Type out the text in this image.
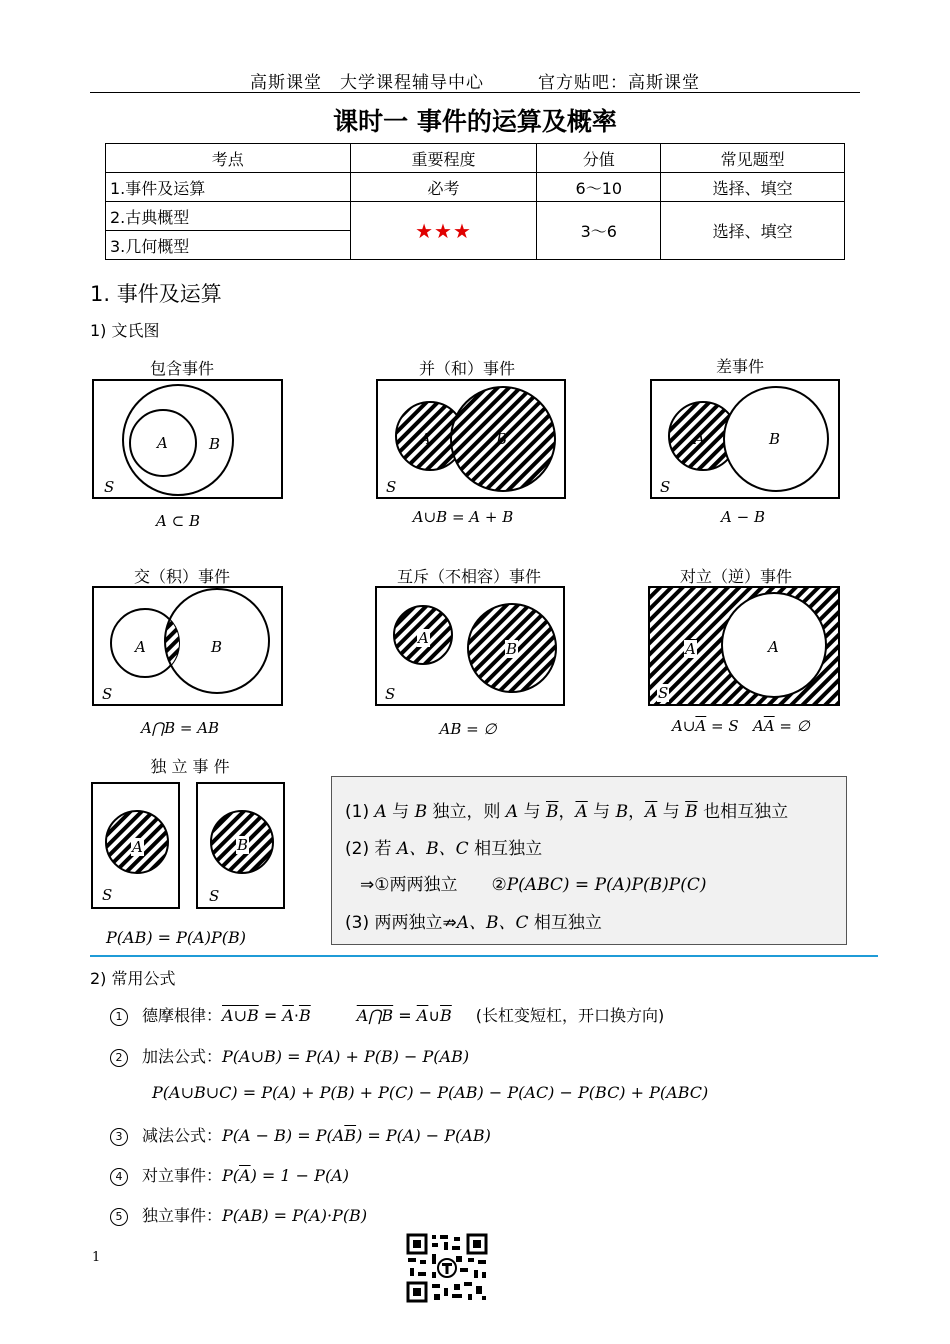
高斯课堂　大学课程辅导中心　　　官方贴吧：高斯课堂
课时一 事件的运算及概率
考点	重要程度	分值	常见题型
1.事件及运算	必考	6～10	选择、填空
2.古典概型	★★★	3～6	选择、填空
3.几何概型			
1. 事件及运算
1) 文氏图
包含事件	并（和）事件	差事件
交（积）事件	互斥（不相容）事件	对立（逆）事件
独 立 事 件
A	B
S
A	B
S
A	B
S
A	B
S
A
B
S
$\overline{A}$	A
S
A	B
S	S
A ⊂ B	A∪B = A + B	A − B
A⋂B = AB	AB = ∅	$A\cup\overline{A} = S$ $A\overline{A}$ = ∅
P(AB) = P(A)P(B)
(1) A 与 B 独立，则 A 与 $\overline{B}$，$\overline{A}$ 与 B，$\overline{A}$ 与 $\overline{B}$ 也相互独立
(2) 若 A、B、C 相互独立
⇒①两两独立　　②P(ABC) = P(A)P(B)P(C)
(3) 两两独立⇏A、B、C 相互独立
2) 常用公式
1 德摩根律：A∪B = $\overline{A}\cdot\overline{B}$	A⋂B = $\overline{A}\cup\overline{B}$ (长杠变短杠，开口换方向)
2 加法公式：P(A∪B) = P(A) + P(B) − P(AB)
P(A∪B∪C) = P(A) + P(B) + P(C) − P(AB) − P(AC) − P(BC) + P(ABC)
3 减法公式：$P(A - B) = P(A\overline{B}) = P(A) - P(AB)$
4 对立事件：$P(\overline{A}) = 1 - P(A)$
5 独立事件：P(AB) = P(A)·P(B)
1
